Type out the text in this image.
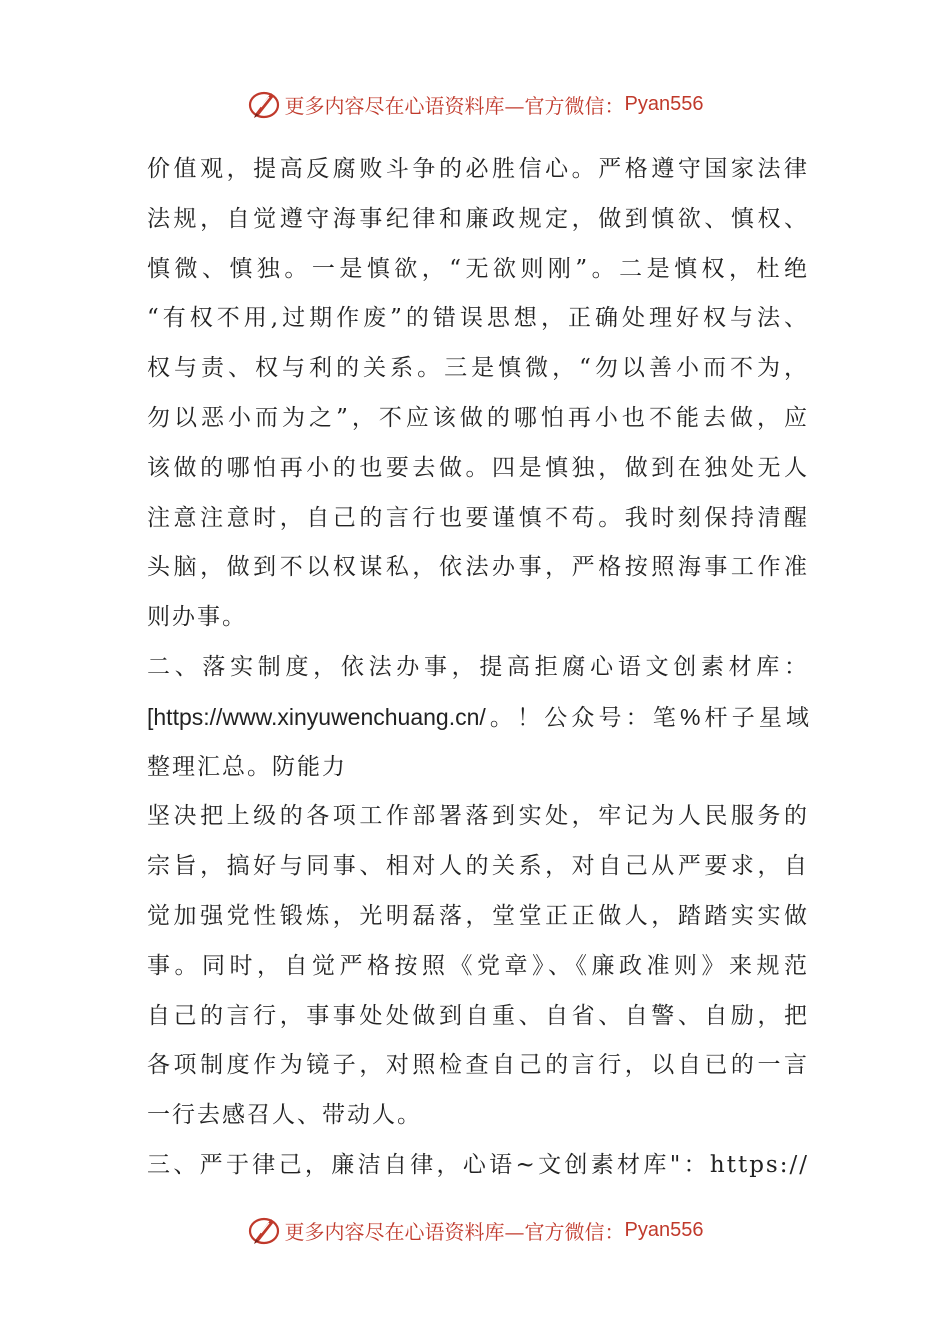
更多内容尽在心语资料库—官方微信： Pyan556
价值观，提高反腐败斗争的必胜信心。严格遵守国家法律
法规，自觉遵守海事纪律和廉政规定，做到慎欲、慎权、
慎微、慎独。一是慎欲，“无欲则刚”。二是慎权，杜绝
“有权不用,过期作废”的错误思想，正确处理好权与法、
权与责、权与利的关系。三是慎微，“勿以善小而不为，
勿以恶小而为之”，不应该做的哪怕再小也不能去做，应
该做的哪怕再小的也要去做。四是慎独，做到在独处无人
注意注意时，自己的言行也要谨慎不苟。我时刻保持清醒
头脑，做到不以权谋私，依法办事，严格按照海事工作准
则办事。
二、落实制度，依法办事，提高拒腐心语文创素材库：
[https://www.xinyuwenchuang.cn/。！公众号：笔%杆子星域
整理汇总。防能力
坚决把上级的各项工作部署落到实处，牢记为人民服务的
宗旨，搞好与同事、相对人的关系，对自己从严要求，自
觉加强党性锻炼，光明磊落，堂堂正正做人，踏踏实实做
事。同时，自觉严格按照《党章》、《廉政准则》来规范
自己的言行，事事处处做到自重、自省、自警、自励，把
各项制度作为镜子，对照检查自己的言行，以自已的一言
一行去感召人、带动人。
三、严于律己，廉洁自律，心语~文创素材库"：https://
更多内容尽在心语资料库—官方微信： Pyan556
